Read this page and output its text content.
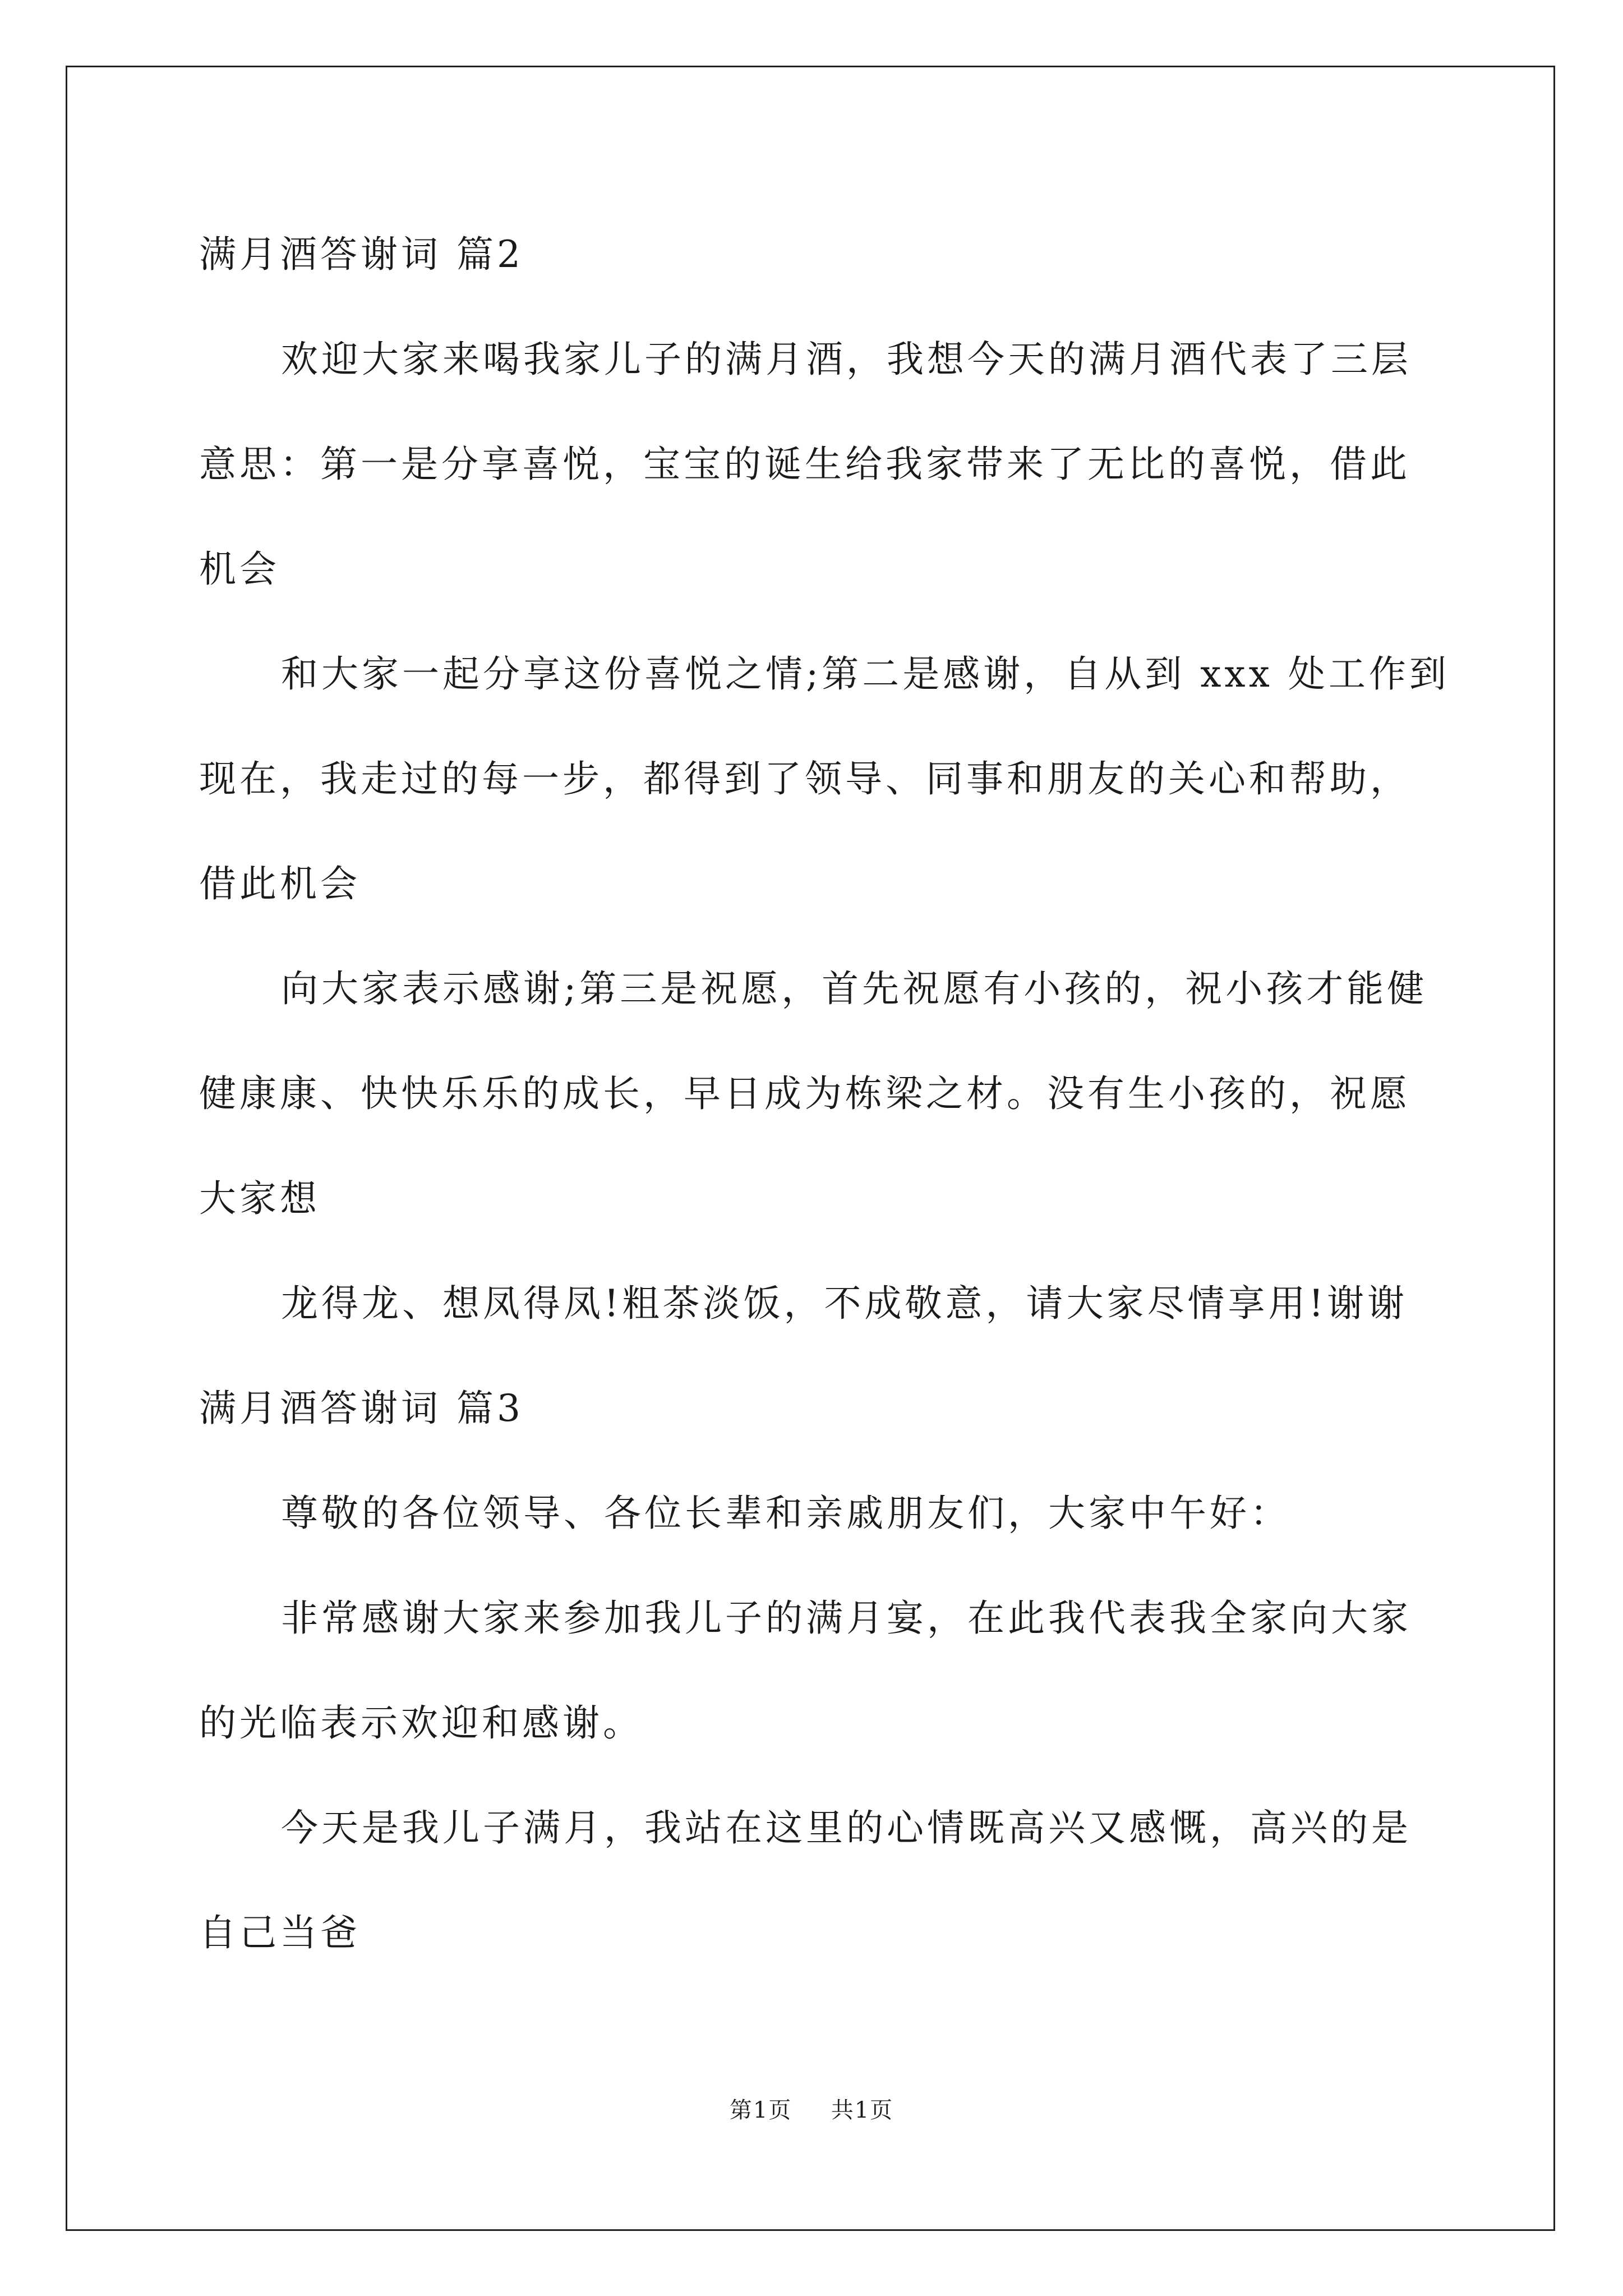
满月酒答谢词 篇2
欢迎大家来喝我家儿子的满月酒，我想今天的满月酒代表了三层
意思：第一是分享喜悦，宝宝的诞生给我家带来了无比的喜悦，借此
机会
和大家一起分享这份喜悦之情;第二是感谢，自从到 xxx 处工作到
现在，我走过的每一步，都得到了领导、同事和朋友的关心和帮助，
借此机会
向大家表示感谢;第三是祝愿，首先祝愿有小孩的，祝小孩才能健
健康康、快快乐乐的成长，早日成为栋梁之材。没有生小孩的，祝愿
大家想
龙得龙、想凤得凤!粗茶淡饭，不成敬意，请大家尽情享用!谢谢
满月酒答谢词 篇3
尊敬的各位领导、各位长辈和亲戚朋友们，大家中午好：
非常感谢大家来参加我儿子的满月宴，在此我代表我全家向大家
的光临表示欢迎和感谢。
今天是我儿子满月，我站在这里的心情既高兴又感慨，高兴的是
自己当爸
第1页 共1页
